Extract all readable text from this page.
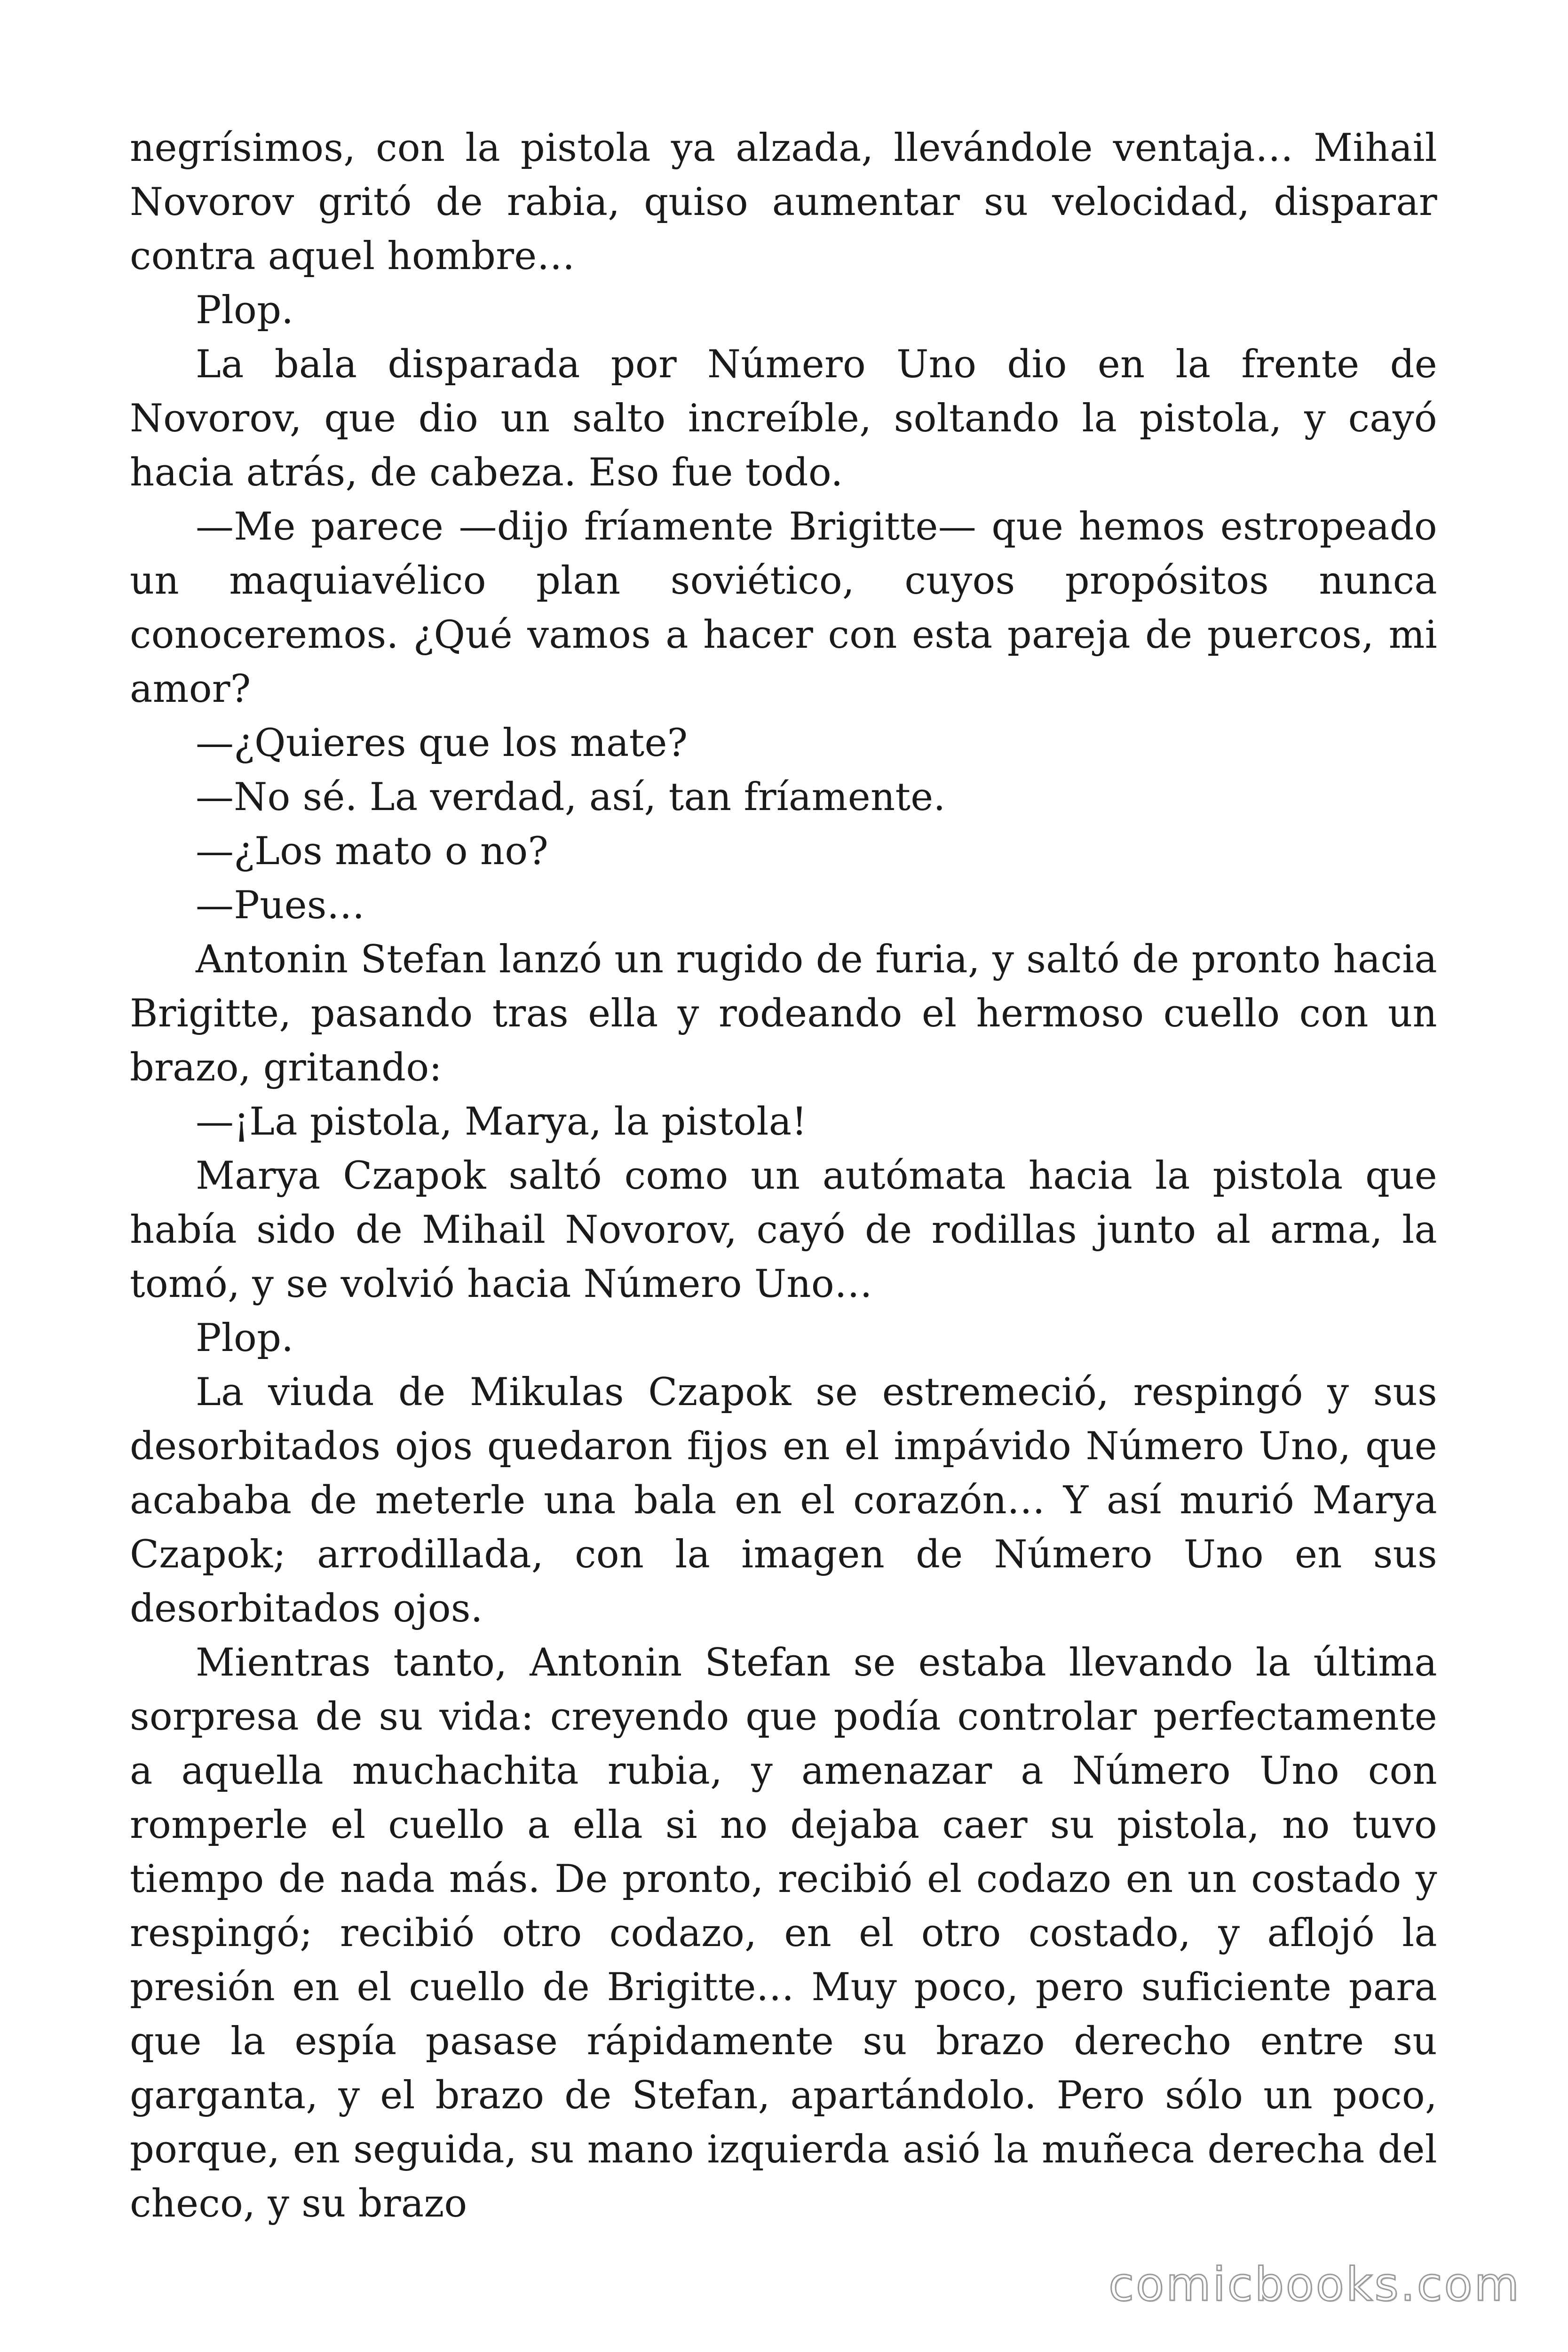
negrísimos, con la pistola ya alzada, llevándole ventaja… Mihail Novorov gritó de rabia, quiso aumentar su velocidad, disparar contra aquel hombre…

Plop.

La bala disparada por Número Uno dio en la frente de Novorov, que dio un salto increíble, soltando la pistola, y cayó hacia atrás, de cabeza. Eso fue todo.

—Me parece —dijo fríamente Brigitte— que hemos estropeado un maquiavélico plan soviético, cuyos propósitos nunca conoceremos. ¿Qué vamos a hacer con esta pareja de puercos, mi amor?

—¿Quieres que los mate?

—No sé. La verdad, así, tan fríamente.

—¿Los mato o no?

—Pues…

Antonin Stefan lanzó un rugido de furia, y saltó de pronto hacia Brigitte, pasando tras ella y rodeando el hermoso cuello con un brazo, gritando:

—¡La pistola, Marya, la pistola!

Marya Czapok saltó como un autómata hacia la pistola que había sido de Mihail Novorov, cayó de rodillas junto al arma, la tomó, y se volvió hacia Número Uno…

Plop.

La viuda de Mikulas Czapok se estremeció, respingó y sus desorbitados ojos quedaron fijos en el impávido Número Uno, que acababa de meterle una bala en el corazón… Y así murió Marya Czapok; arrodillada, con la imagen de Número Uno en sus desorbitados ojos.

Mientras tanto, Antonin Stefan se estaba llevando la última sorpresa de su vida: creyendo que podía controlar perfectamente a aquella muchachita rubia, y amenazar a Número Uno con romperle el cuello a ella si no dejaba caer su pistola, no tuvo tiempo de nada más. De pronto, recibió el codazo en un costado y respingó; recibió otro codazo, en el otro costado, y aflojó la presión en el cuello de Brigitte… Muy poco, pero suficiente para que la espía pasase rápidamente su brazo derecho entre su garganta, y el brazo de Stefan, apartándolo. Pero sólo un poco, porque, en seguida, su mano izquierda asió la muñeca derecha del checo, y su brazo

comicbooks.com
